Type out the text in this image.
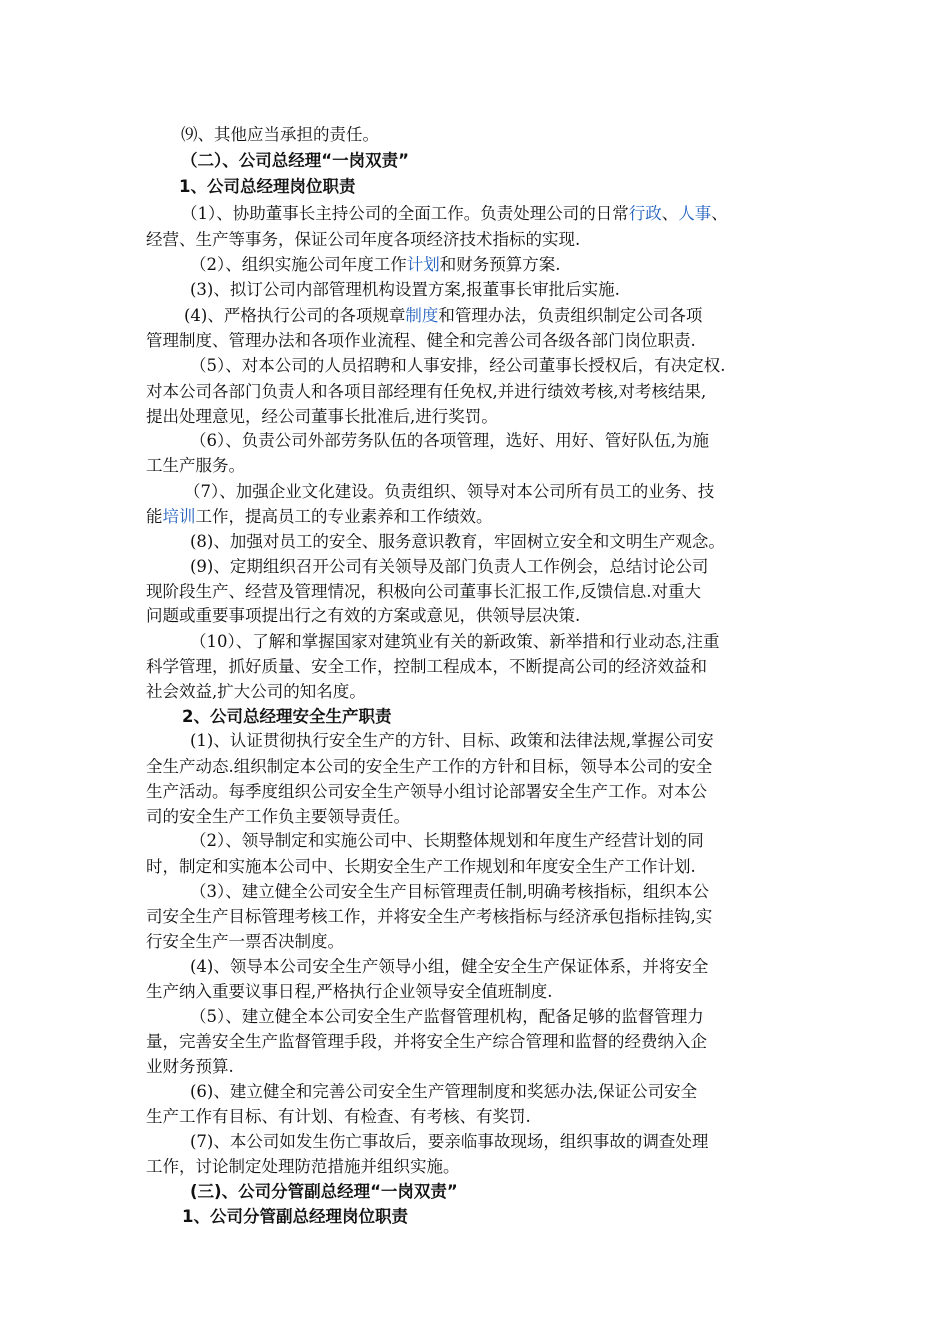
⑼、其他应当承担的责任。
（二）、公司总经理“一岗双责”
1、公司总经理岗位职责
（1）、协助董事长主持公司的全面工作。负责处理公司的日常行政、人事、
经营、生产等事务，保证公司年度各项经济技术指标的实现.
（2）、组织实施公司年度工作计划和财务预算方案.
(3)、拟订公司内部管理机构设置方案,报董事长审批后实施.
(4)、严格执行公司的各项规章制度和管理办法，负责组织制定公司各项
管理制度、管理办法和各项作业流程、健全和完善公司各级各部门岗位职责.
（5）、对本公司的人员招聘和人事安排，经公司董事长授权后，有决定权.
对本公司各部门负责人和各项目部经理有任免权,并进行绩效考核,对考核结果,
提出处理意见，经公司董事长批准后,进行奖罚。
（6）、负责公司外部劳务队伍的各项管理，选好、用好、管好队伍,为施
工生产服务。
（7）、加强企业文化建设。负责组织、领导对本公司所有员工的业务、技
能培训工作，提高员工的专业素养和工作绩效。
(8)、加强对员工的安全、服务意识教育，牢固树立安全和文明生产观念。
(9)、定期组织召开公司有关领导及部门负责人工作例会，总结讨论公司
现阶段生产、经营及管理情况，积极向公司董事长汇报工作,反馈信息.对重大
问题或重要事项提出行之有效的方案或意见，供领导层决策.
（10）、了解和掌握国家对建筑业有关的新政策、新举措和行业动态,注重
科学管理，抓好质量、安全工作，控制工程成本，不断提高公司的经济效益和
社会效益,扩大公司的知名度。
2、公司总经理安全生产职责
(1)、认证贯彻执行安全生产的方针、目标、政策和法律法规,掌握公司安
全生产动态.组织制定本公司的安全生产工作的方针和目标，领导本公司的安全
生产活动。每季度组织公司安全生产领导小组讨论部署安全生产工作。对本公
司的安全生产工作负主要领导责任。
（2）、领导制定和实施公司中、长期整体规划和年度生产经营计划的同
时，制定和实施本公司中、长期安全生产工作规划和年度安全生产工作计划.
（3）、建立健全公司安全生产目标管理责任制,明确考核指标，组织本公
司安全生产目标管理考核工作，并将安全生产考核指标与经济承包指标挂钩,实
行安全生产一票否决制度。
(4)、领导本公司安全生产领导小组，健全安全生产保证体系，并将安全
生产纳入重要议事日程,严格执行企业领导安全值班制度.
（5）、建立健全本公司安全生产监督管理机构，配备足够的监督管理力
量，完善安全生产监督管理手段，并将安全生产综合管理和监督的经费纳入企
业财务预算.
(6)、建立健全和完善公司安全生产管理制度和奖惩办法,保证公司安全
生产工作有目标、有计划、有检查、有考核、有奖罚.
(7)、本公司如发生伤亡事故后，要亲临事故现场，组织事故的调查处理
工作，讨论制定处理防范措施并组织实施。
(三)、公司分管副总经理“一岗双责”
1、公司分管副总经理岗位职责
